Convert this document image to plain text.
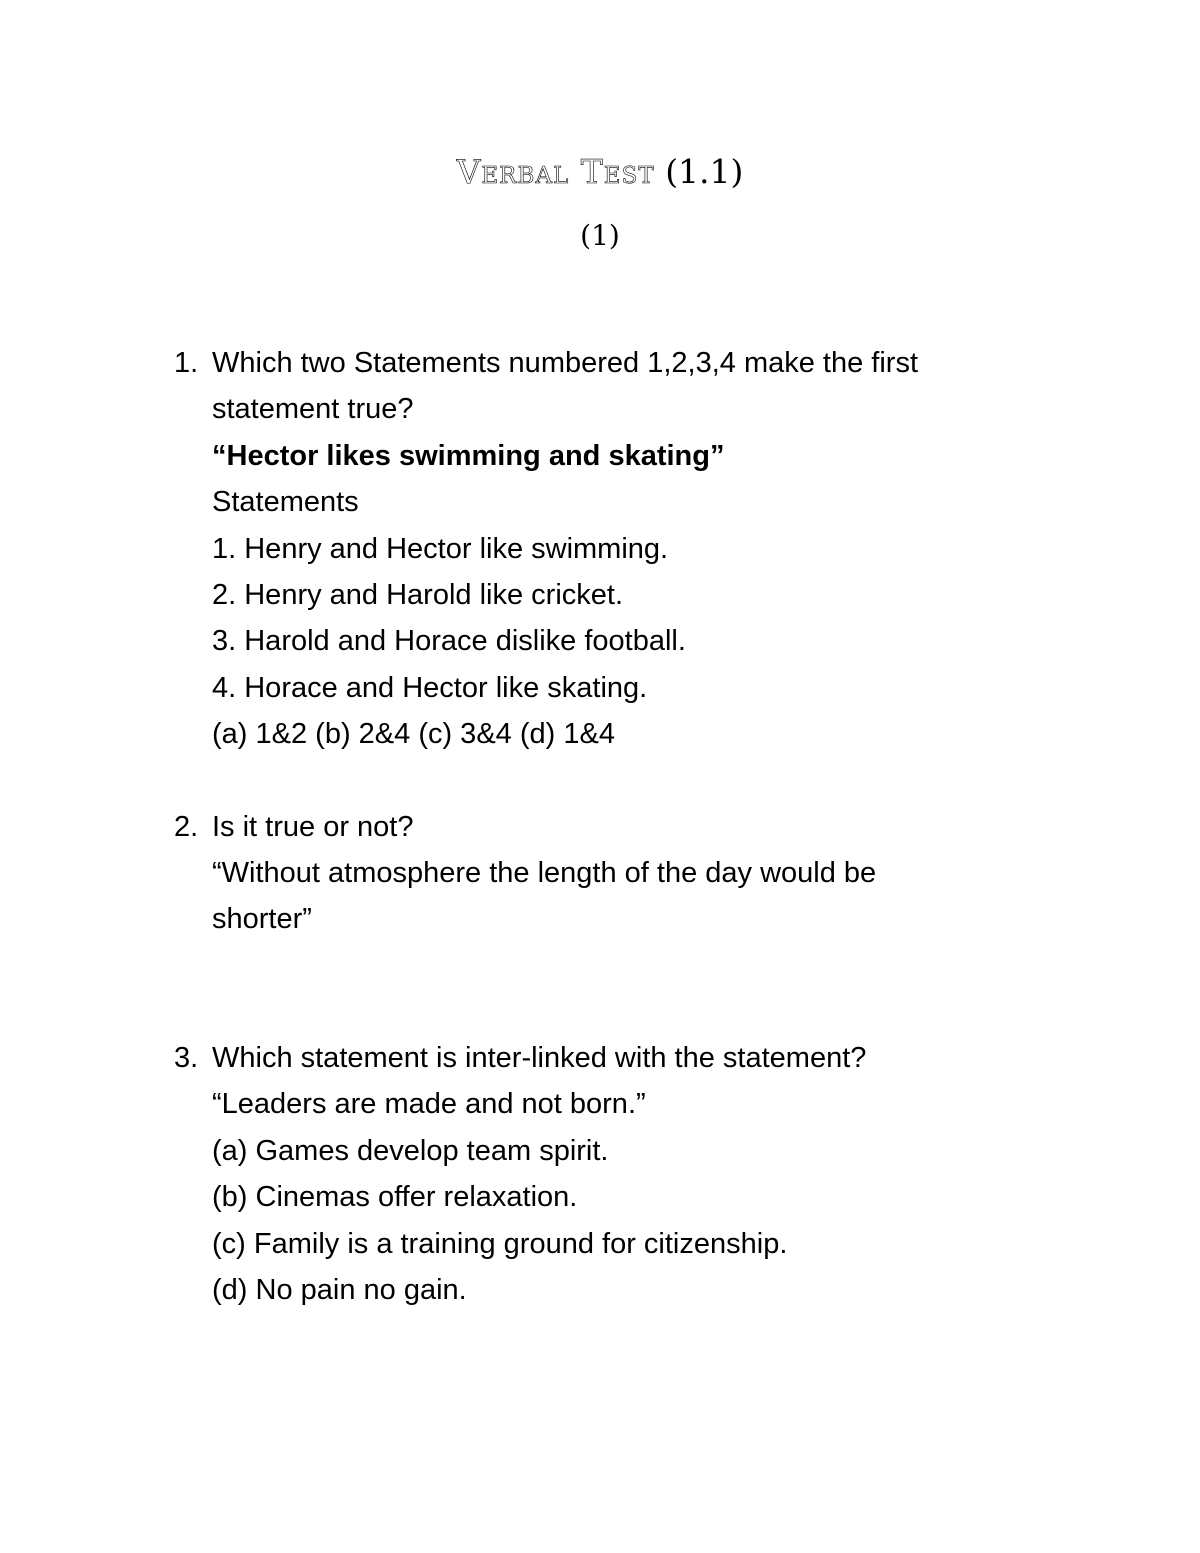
Verbal Test (1.1)
(1)
1. Which two Statements numbered 1,2,3,4 make the first
statement true?
“Hector likes swimming and skating”
Statements
1. Henry and Hector like swimming.
2. Henry and Harold like cricket.
3. Harold and Horace dislike football.
4. Horace and Hector like skating.
(a) 1&2 (b) 2&4 (c) 3&4 (d) 1&4
2. Is it true or not?
“Without atmosphere the length of the day would be
shorter”
3. Which statement is inter-linked with the statement?
“Leaders are made and not born.”
(a) Games develop team spirit.
(b) Cinemas offer relaxation.
(c) Family is a training ground for citizenship.
(d) No pain no gain.
